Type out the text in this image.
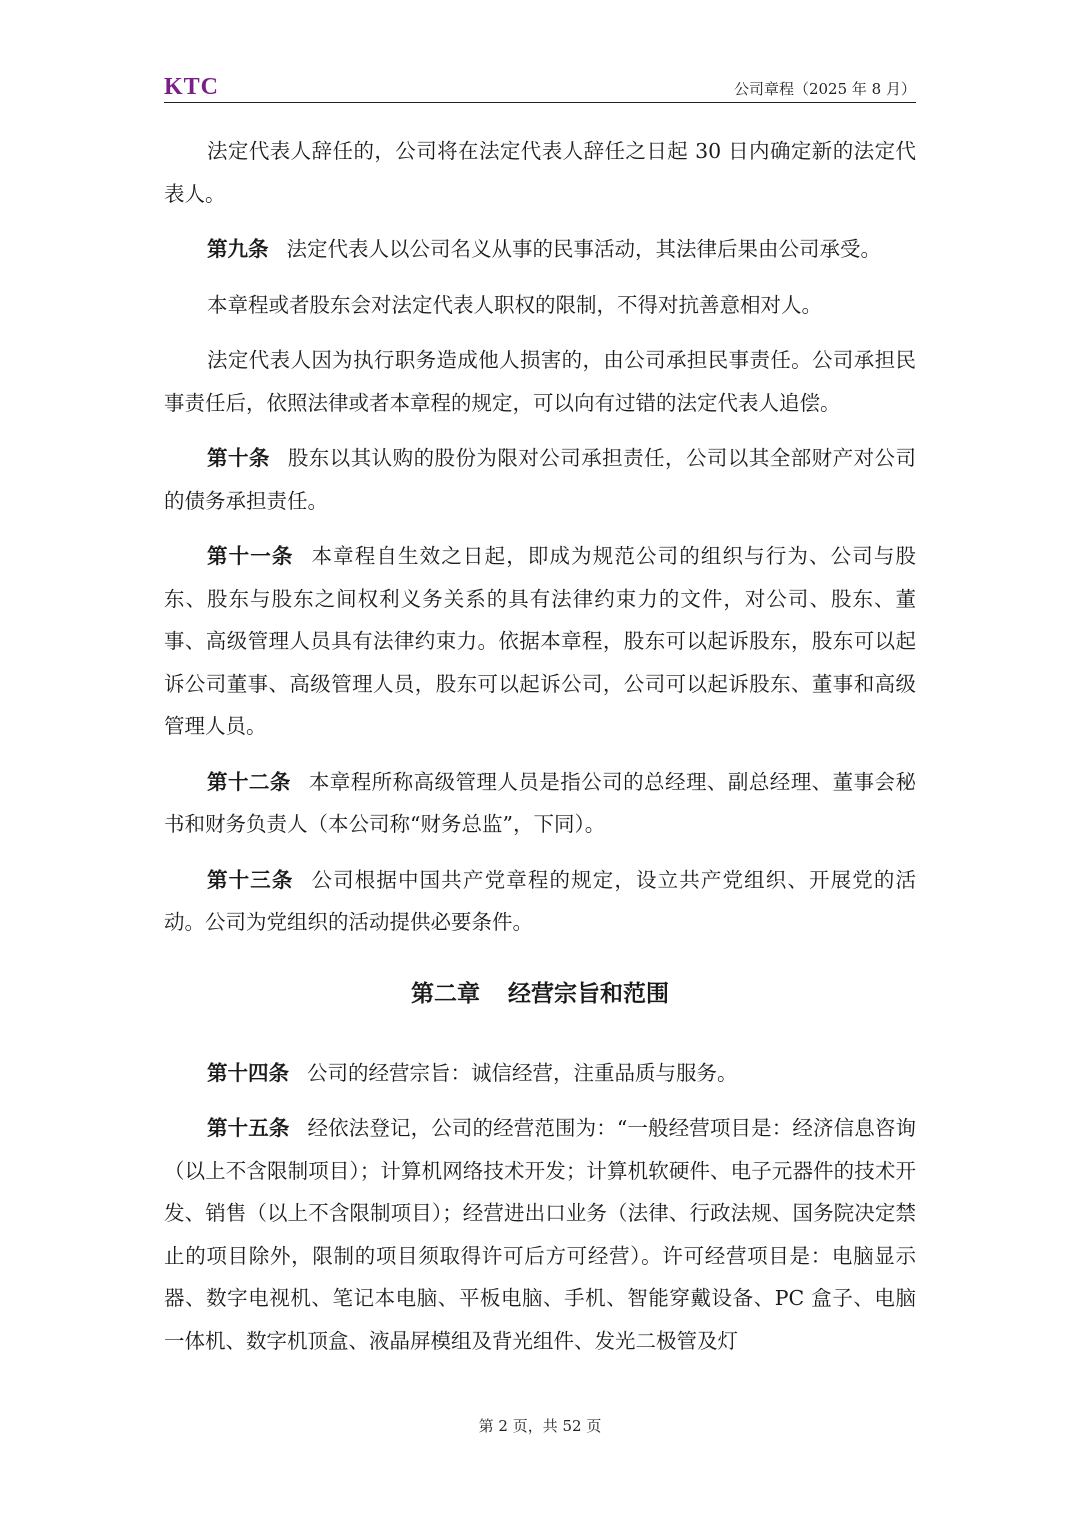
KTC	公司章程（2025 年 8 月）

法定代表人辞任的，公司将在法定代表人辞任之日起 30 日内确定新的法定代表人。

第九条 法定代表人以公司名义从事的民事活动，其法律后果由公司承受。

本章程或者股东会对法定代表人职权的限制，不得对抗善意相对人。

法定代表人因为执行职务造成他人损害的，由公司承担民事责任。公司承担民事责任后，依照法律或者本章程的规定，可以向有过错的法定代表人追偿。

第十条 股东以其认购的股份为限对公司承担责任，公司以其全部财产对公司的债务承担责任。

第十一条 本章程自生效之日起，即成为规范公司的组织与行为、公司与股东、股东与股东之间权利义务关系的具有法律约束力的文件，对公司、股东、董事、高级管理人员具有法律约束力。依据本章程，股东可以起诉股东，股东可以起诉公司董事、高级管理人员，股东可以起诉公司，公司可以起诉股东、董事和高级管理人员。

第十二条 本章程所称高级管理人员是指公司的总经理、副总经理、董事会秘书和财务负责人（本公司称“财务总监”，下同）。

第十三条 公司根据中国共产党章程的规定，设立共产党组织、开展党的活动。公司为党组织的活动提供必要条件。

第二章 经营宗旨和范围

第十四条 公司的经营宗旨：诚信经营，注重品质与服务。

第十五条 经依法登记，公司的经营范围为：“一般经营项目是：经济信息咨询（以上不含限制项目）；计算机网络技术开发；计算机软硬件、电子元器件的技术开发、销售（以上不含限制项目）；经营进出口业务（法律、行政法规、国务院决定禁止的项目除外，限制的项目须取得许可后方可经营）。许可经营项目是：电脑显示器、数字电视机、笔记本电脑、平板电脑、手机、智能穿戴设备、PC 盒子、电脑一体机、数字机顶盒、液晶屏模组及背光组件、发光二极管及灯

第 2 页，共 52 页
